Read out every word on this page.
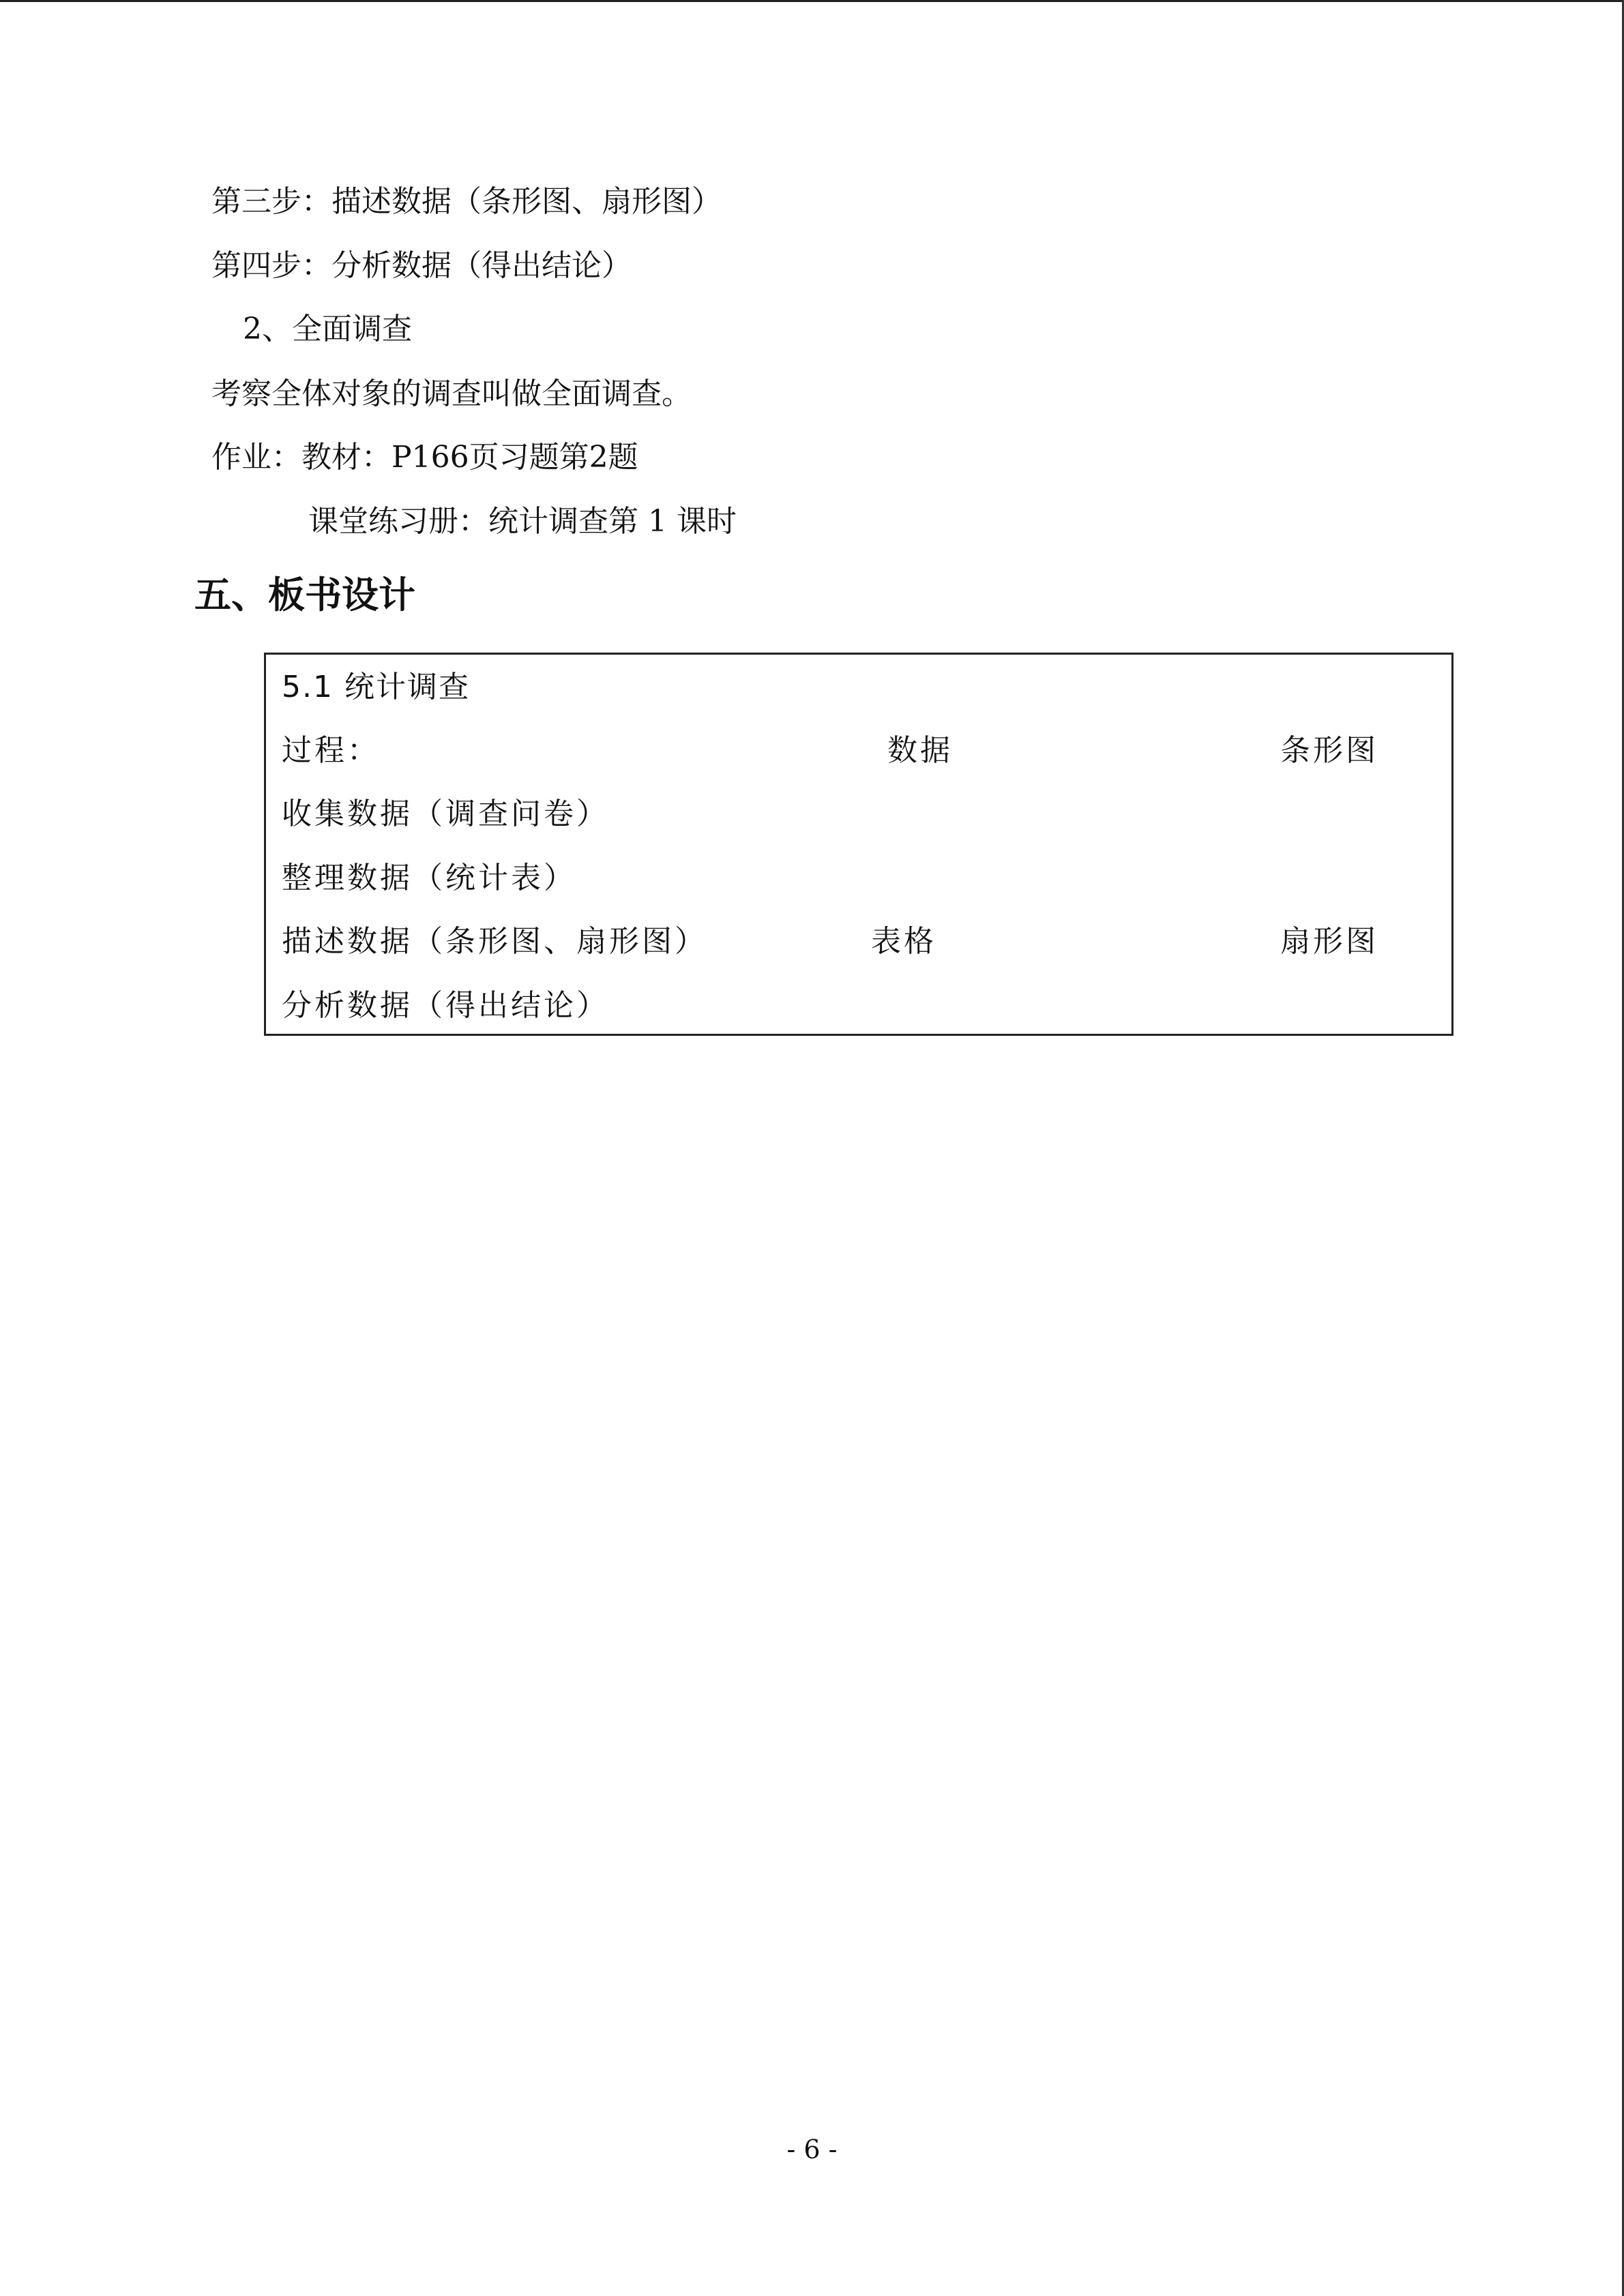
第三步：描述数据（条形图、扇形图）
第四步：分析数据（得出结论）
2、全面调查
考察全体对象的调查叫做全面调查。
作业：教材：P166页习题第2题
课堂练习册：统计调查第 1 课时
五、板书设计
5.1 统计调查
过程：	数据	条形图
收集数据（调查问卷）
整理数据（统计表）
描述数据（条形图、扇形图）	表格	扇形图
分析数据（得出结论）
- 6 -
